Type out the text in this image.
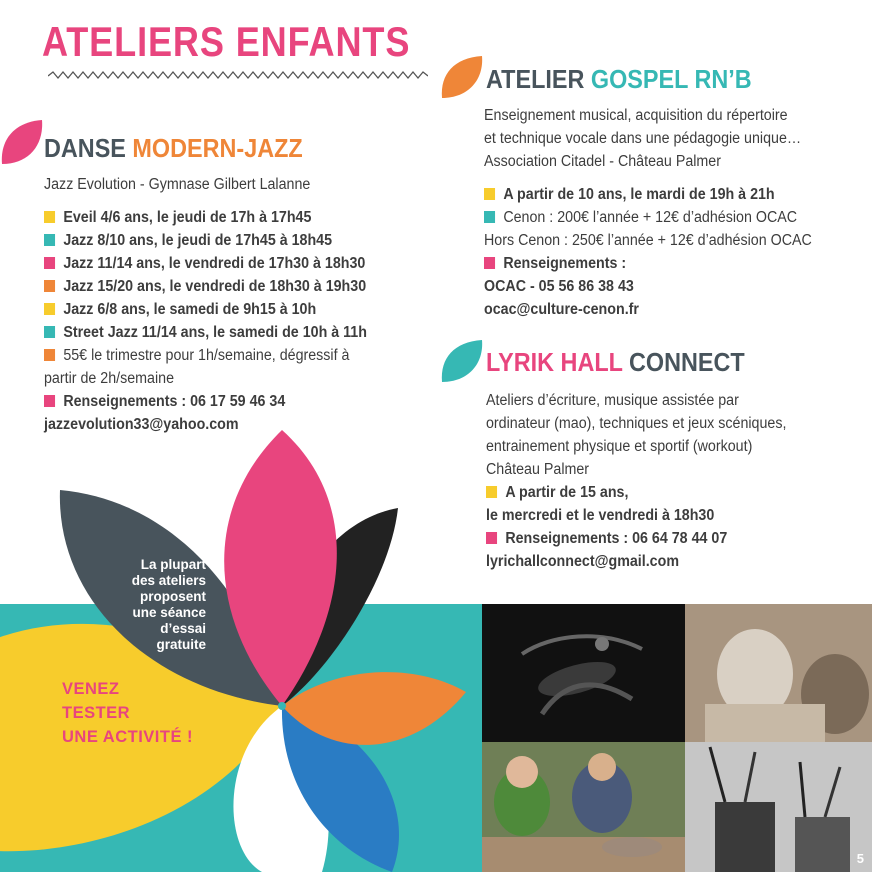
ATELIERS ENFANTS
DANSE MODERN-JAZZ
Jazz Evolution - Gymnase Gilbert Lalanne
Eveil 4/6 ans, le jeudi de 17h à 17h45
Jazz 8/10 ans, le jeudi de 17h45 à 18h45
Jazz 11/14 ans, le vendredi de 17h30 à 18h30
Jazz 15/20 ans, le vendredi de 18h30 à 19h30
Jazz 6/8 ans, le samedi de 9h15 à 10h
Street Jazz 11/14 ans, le samedi de 10h à 11h
55€ le trimestre pour 1h/semaine, dégressif à
partir de 2h/semaine
Renseignements : 06 17 59 46 34
jazzevolution33@yahoo.com
ATELIER GOSPEL RN’B
Enseignement musical, acquisition du répertoire
et technique vocale dans une pédagogie unique…
Association Citadel - Château Palmer
A partir de 10 ans, le mardi de 19h à 21h
Cenon : 200€ l’année + 12€ d’adhésion OCAC
Hors Cenon : 250€ l’année + 12€ d’adhésion OCAC
Renseignements :
OCAC - 05 56 86 38 43
ocac@culture-cenon.fr
LYRIK HALL CONNECT
Ateliers d’écriture, musique assistée par
ordinateur (mao), techniques et jeux scéniques,
entrainement physique et sportif (workout)
Château Palmer
A partir de 15 ans,
le mercredi et le vendredi à 18h30
Renseignements : 06 64 78 44 07
lyrichallconnect@gmail.com
La plupart
des ateliers
proposent
une séance
d’essai
gratuite
VENEZ
TESTER
UNE ACTIVITÉ !
5
